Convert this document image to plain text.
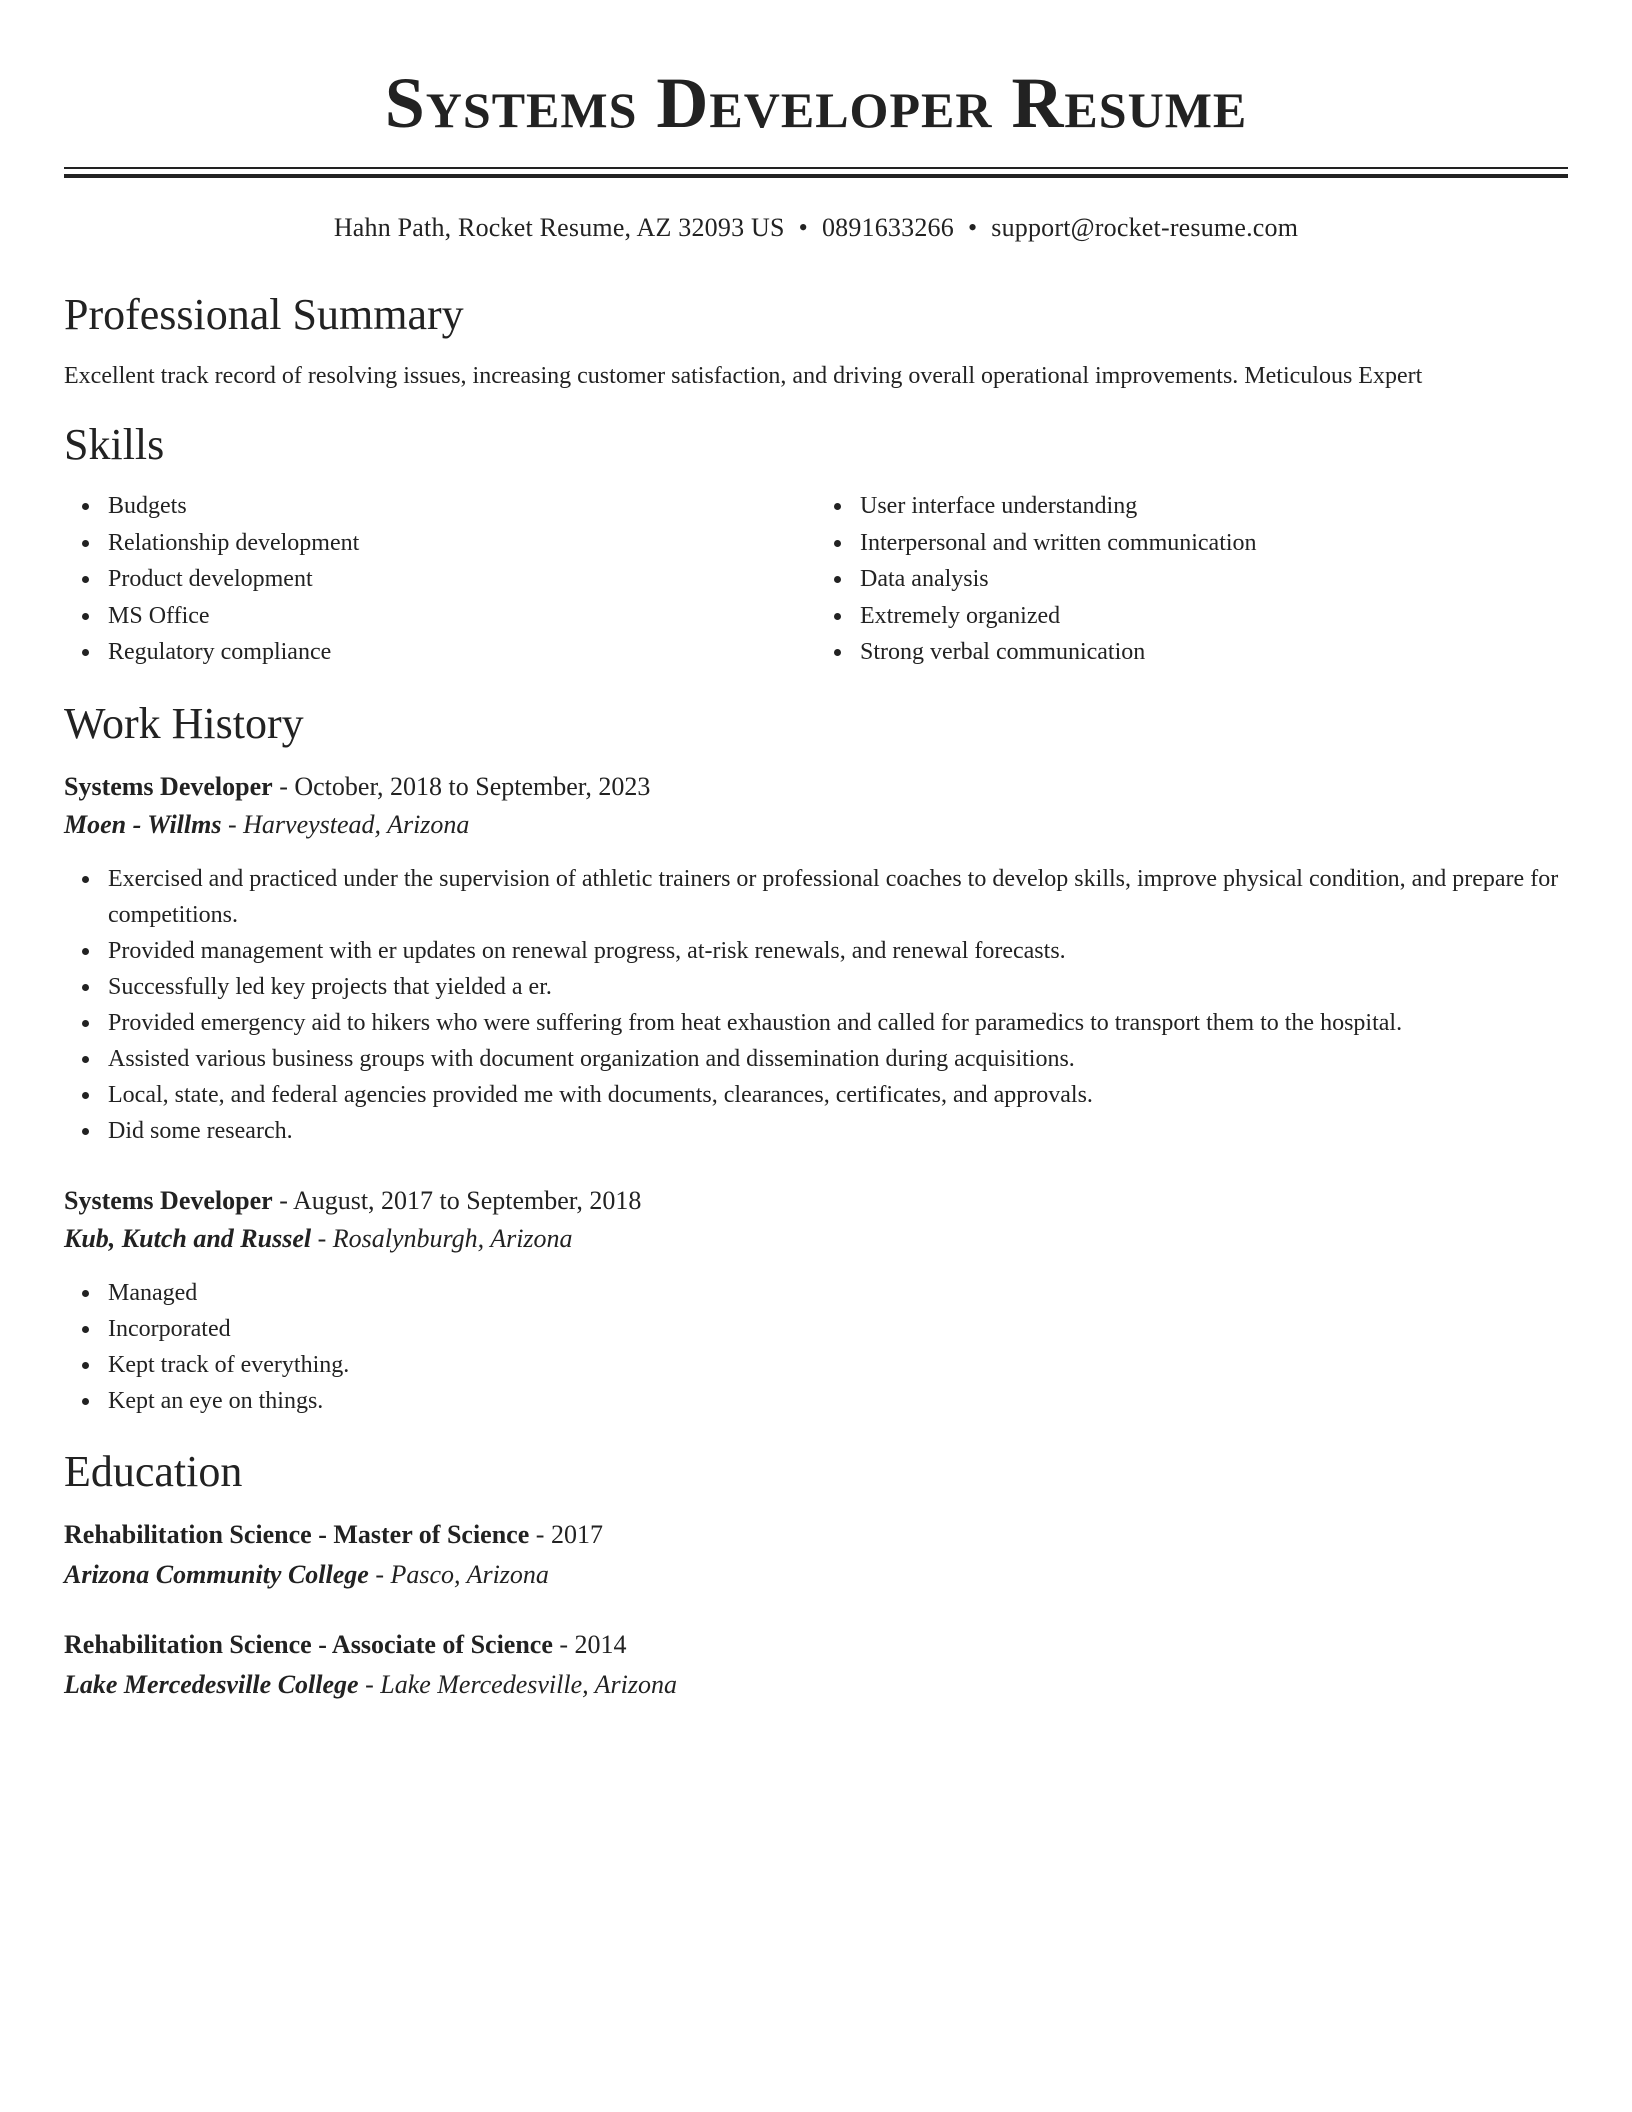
Systems Developer Resume
Hahn Path, Rocket Resume, AZ 32093 US • 0891633266 • support@rocket-resume.com
Professional Summary

Excellent track record of resolving issues, increasing customer satisfaction, and driving overall operational improvements. Meticulous Expert

Skills
Budgets
Relationship development
Product development
MS Office
Regulatory compliance
User interface understanding
Interpersonal and written communication
Data analysis
Extremely organized
Strong verbal communication
Work History
Systems Developer - October, 2018 to September, 2023
Moen - Willms - Harveystead, Arizona
Exercised and practiced under the supervision of athletic trainers or professional coaches to develop skills, improve physical condition, and prepare for competitions.
Provided management with er updates on renewal progress, at-risk renewals, and renewal forecasts.
Successfully led key projects that yielded a er.
Provided emergency aid to hikers who were suffering from heat exhaustion and called for paramedics to transport them to the hospital.
Assisted various business groups with document organization and dissemination during acquisitions.
Local, state, and federal agencies provided me with documents, clearances, certificates, and approvals.
Did some research.
Systems Developer - August, 2017 to September, 2018
Kub, Kutch and Russel - Rosalynburgh, Arizona
Managed
Incorporated
Kept track of everything.
Kept an eye on things.
Education
Rehabilitation Science - Master of Science - 2017
Arizona Community College - Pasco, Arizona
Rehabilitation Science - Associate of Science - 2014
Lake Mercedesville College - Lake Mercedesville, Arizona
